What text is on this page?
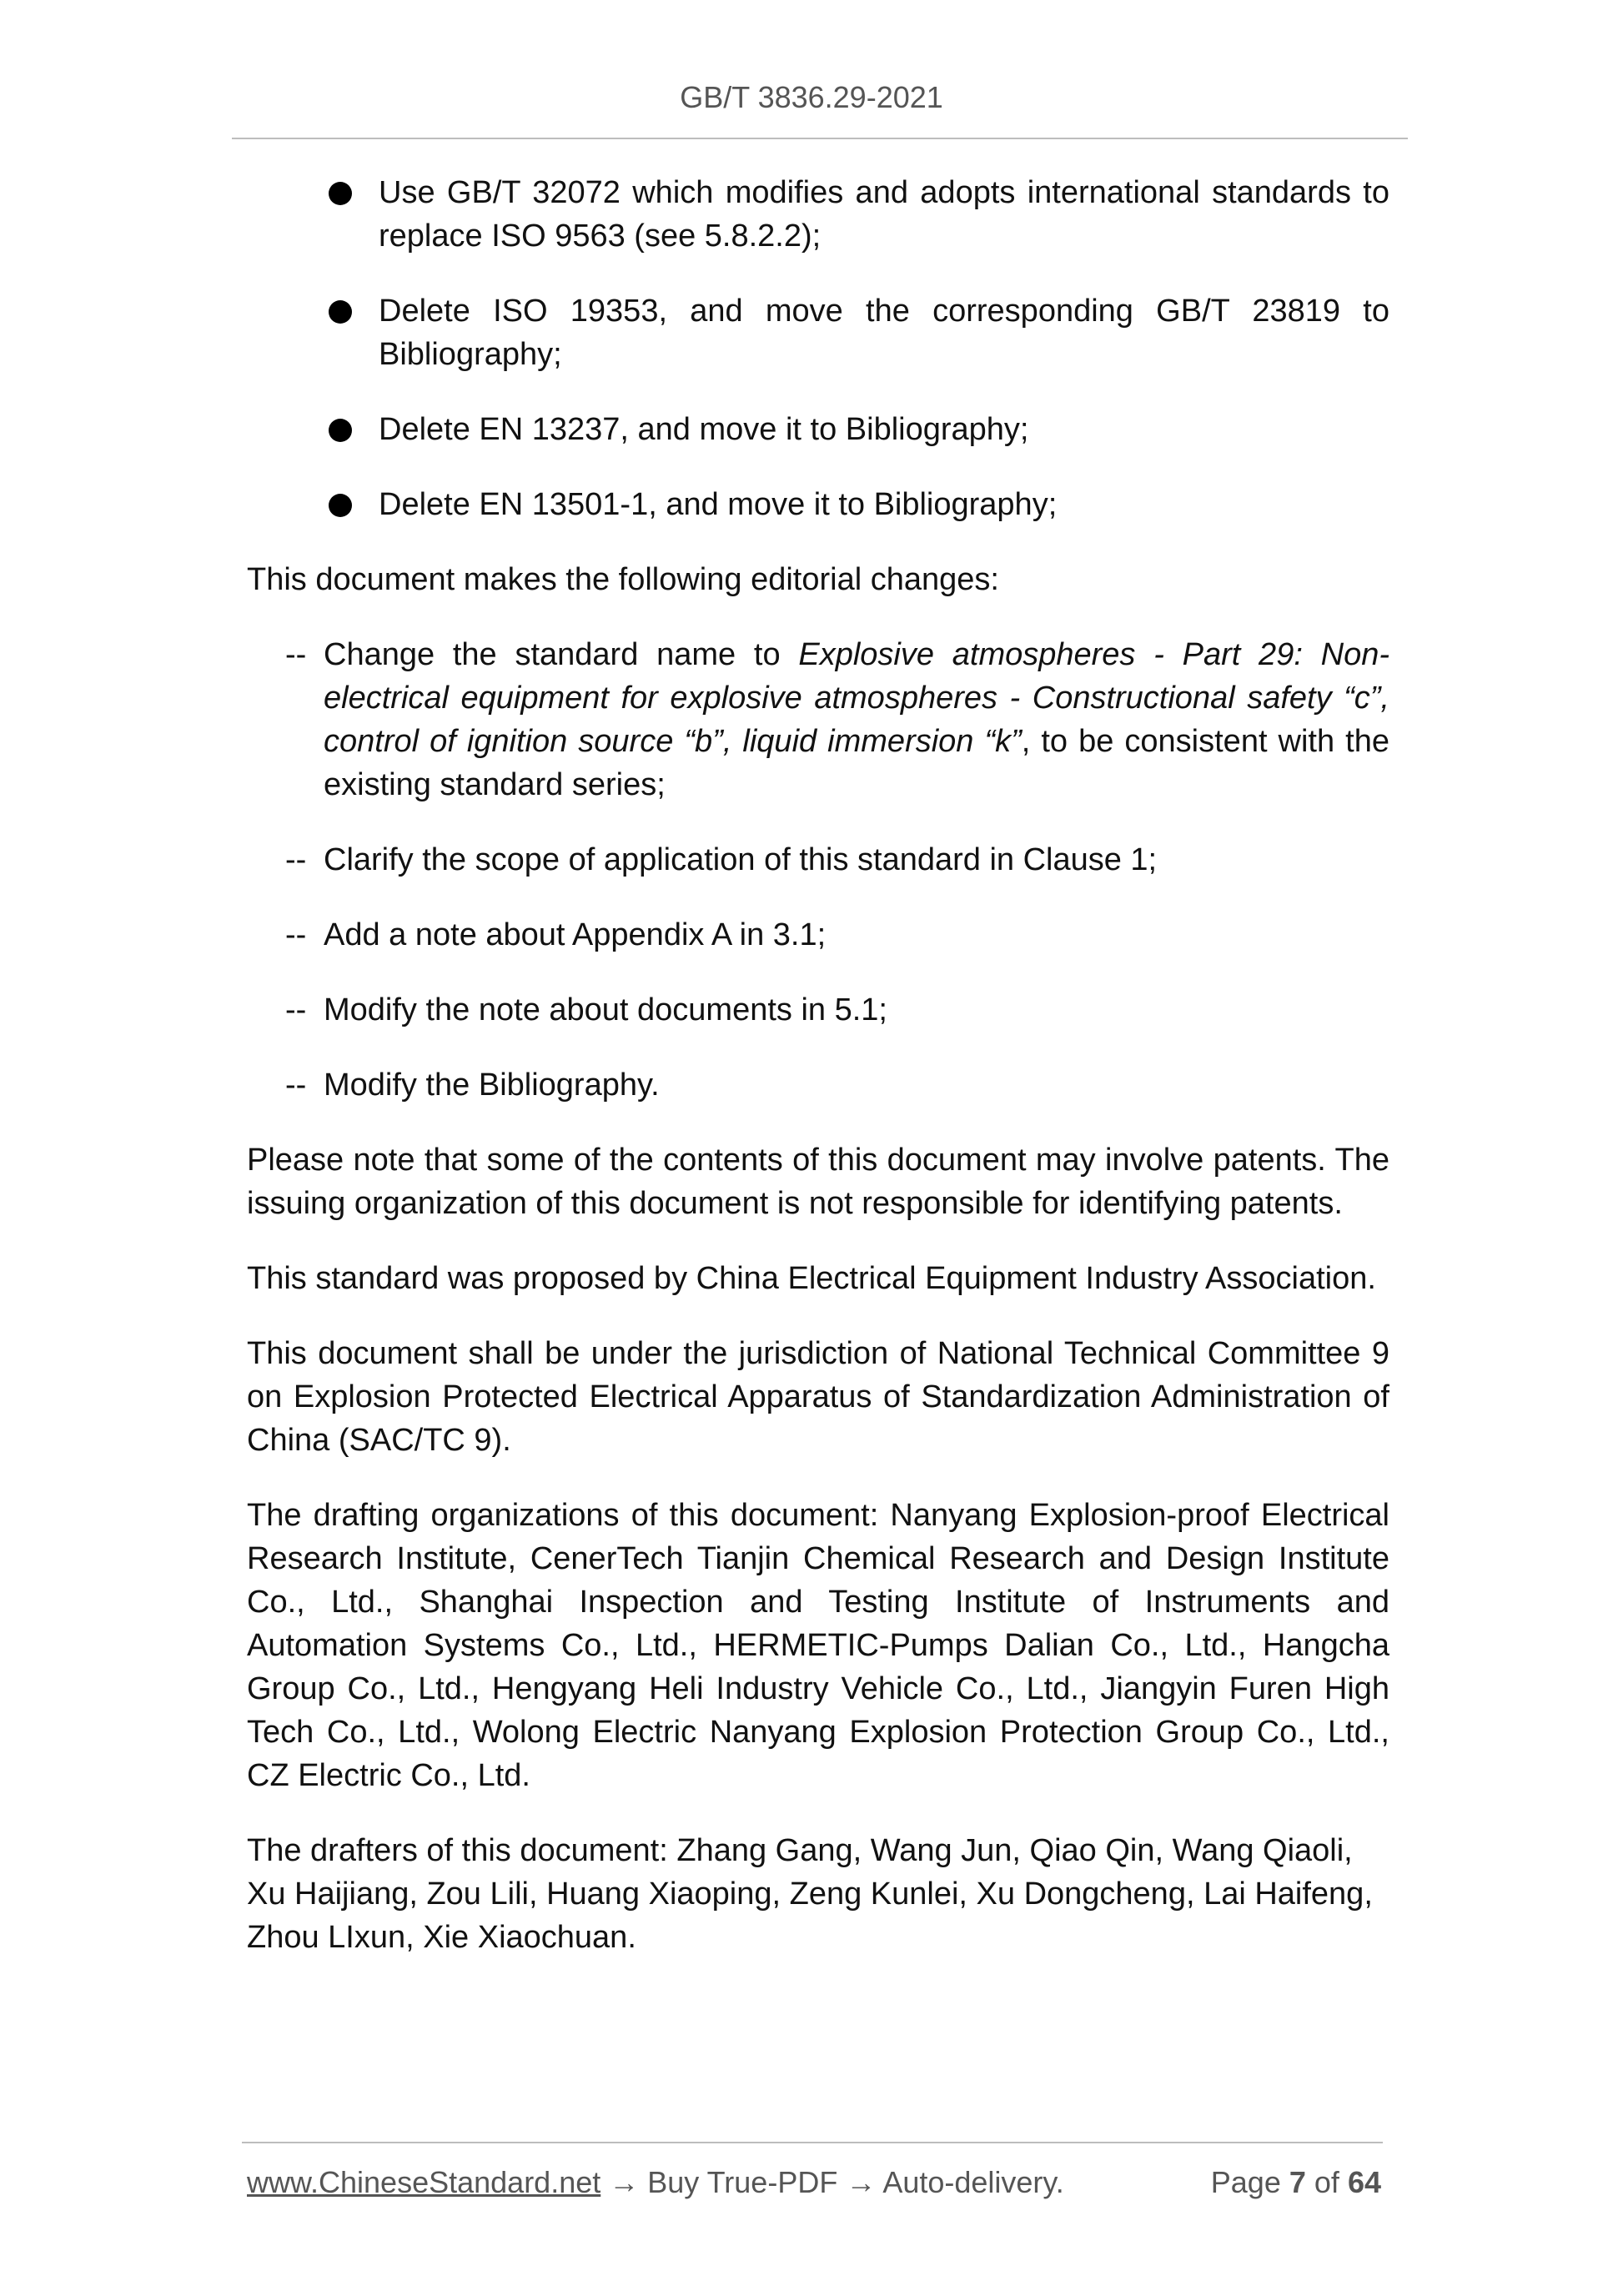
GB/T 3836.29-2021
Use GB/T 32072 which modifies and adopts international standards to replace ISO 9563 (see 5.8.2.2);
Delete ISO 19353, and move the corresponding GB/T 23819 to Bibliography;
Delete EN 13237, and move it to Bibliography;
Delete EN 13501-1, and move it to Bibliography;

This document makes the following editorial changes:

-- Change the standard name to Explosive atmospheres - Part 29: Non-electrical equipment for explosive atmospheres - Constructional safety “c”, control of ignition source “b”, liquid immersion “k”, to be consistent with the existing standard series;
-- Clarify the scope of application of this standard in Clause 1;
-- Add a note about Appendix A in 3.1;
-- Modify the note about documents in 5.1;
-- Modify the Bibliography.

Please note that some of the contents of this document may involve patents. The issuing organization of this document is not responsible for identifying patents.

This standard was proposed by China Electrical Equipment Industry Association.

This document shall be under the jurisdiction of National Technical Committee 9 on Explosion Protected Electrical Apparatus of Standardization Administration of China (SAC/TC 9).

The drafting organizations of this document: Nanyang Explosion-proof Electrical Research Institute, CenerTech Tianjin Chemical Research and Design Institute Co., Ltd., Shanghai Inspection and Testing Institute of Instruments and Automation Systems Co., Ltd., HERMETIC-Pumps Dalian Co., Ltd., Hangcha Group Co., Ltd., Hengyang Heli Industry Vehicle Co., Ltd., Jiangyin Furen High Tech Co., Ltd., Wolong Electric Nanyang Explosion Protection Group Co., Ltd., CZ Electric Co., Ltd.

The drafters of this document: Zhang Gang, Wang Jun, Qiao Qin, Wang Qiaoli, Xu Haijiang, Zou Lili, Huang Xiaoping, Zeng Kunlei, Xu Dongcheng, Lai Haifeng, Zhou LIxun, Xie Xiaochuan.

www.ChineseStandard.net → Buy True-PDF → Auto-delivery.	Page 7 of 64
